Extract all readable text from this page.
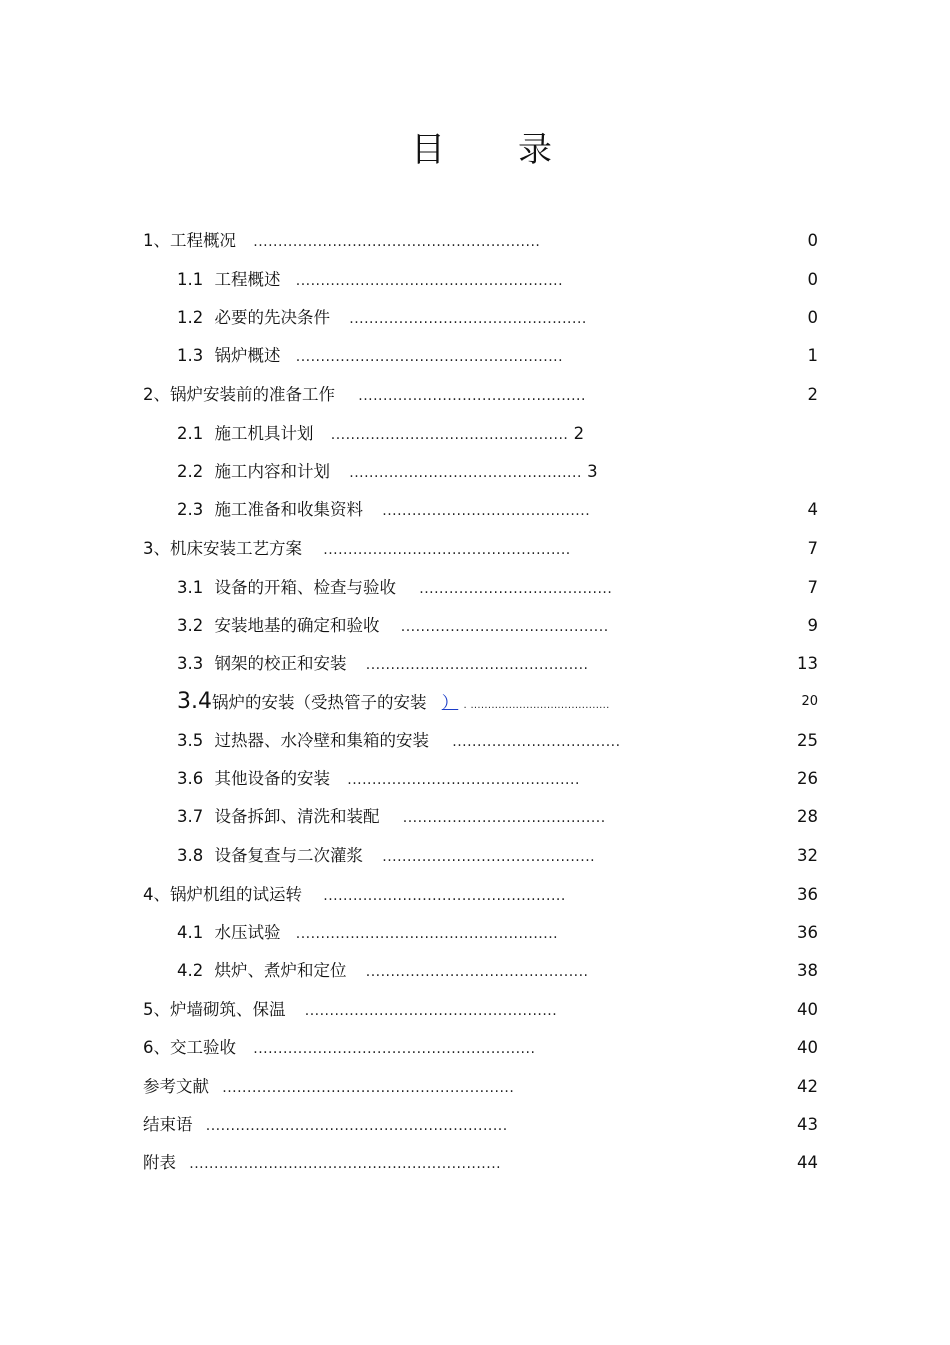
目 录
1、工程概况 ..........................................................	0
1.1 工程概述 ......................................................	0
1.2 必要的先决条件 ................................................	0
1.3 锅炉概述 ......................................................	1
2、锅炉安装前的准备工作 ..............................................	2
2.1 施工机具计划 ................................................ 2
2.2 施工内容和计划 ............................................... 3
2.3 施工准备和收集资料 ..........................................	4
3、机床安装工艺方案 ..................................................	7
3.1 设备的开箱、检查与验收 .......................................	7
3.2 安装地基的确定和验收 ..........................................	9
3.3 钢架的校正和安装 .............................................	13
3.4锅炉的安装（受热管子的安装 ） . ........................................	20
3.5 过热器、水冷壁和集箱的安装 ..................................	25
3.6 其他设备的安装 ...............................................	26
3.7 设备拆卸、清洗和装配 .........................................	28
3.8 设备复查与二次灌浆 ...........................................	32
4、锅炉机组的试运转 .................................................	36
4.1 水压试验 .....................................................	36
4.2 烘炉、煮炉和定位 .............................................	38
5、炉墙砌筑、保温 ...................................................	40
6、交工验收 .........................................................	40
参考文献 ...........................................................	42
结束语 .............................................................	43
附表 ...............................................................	44
